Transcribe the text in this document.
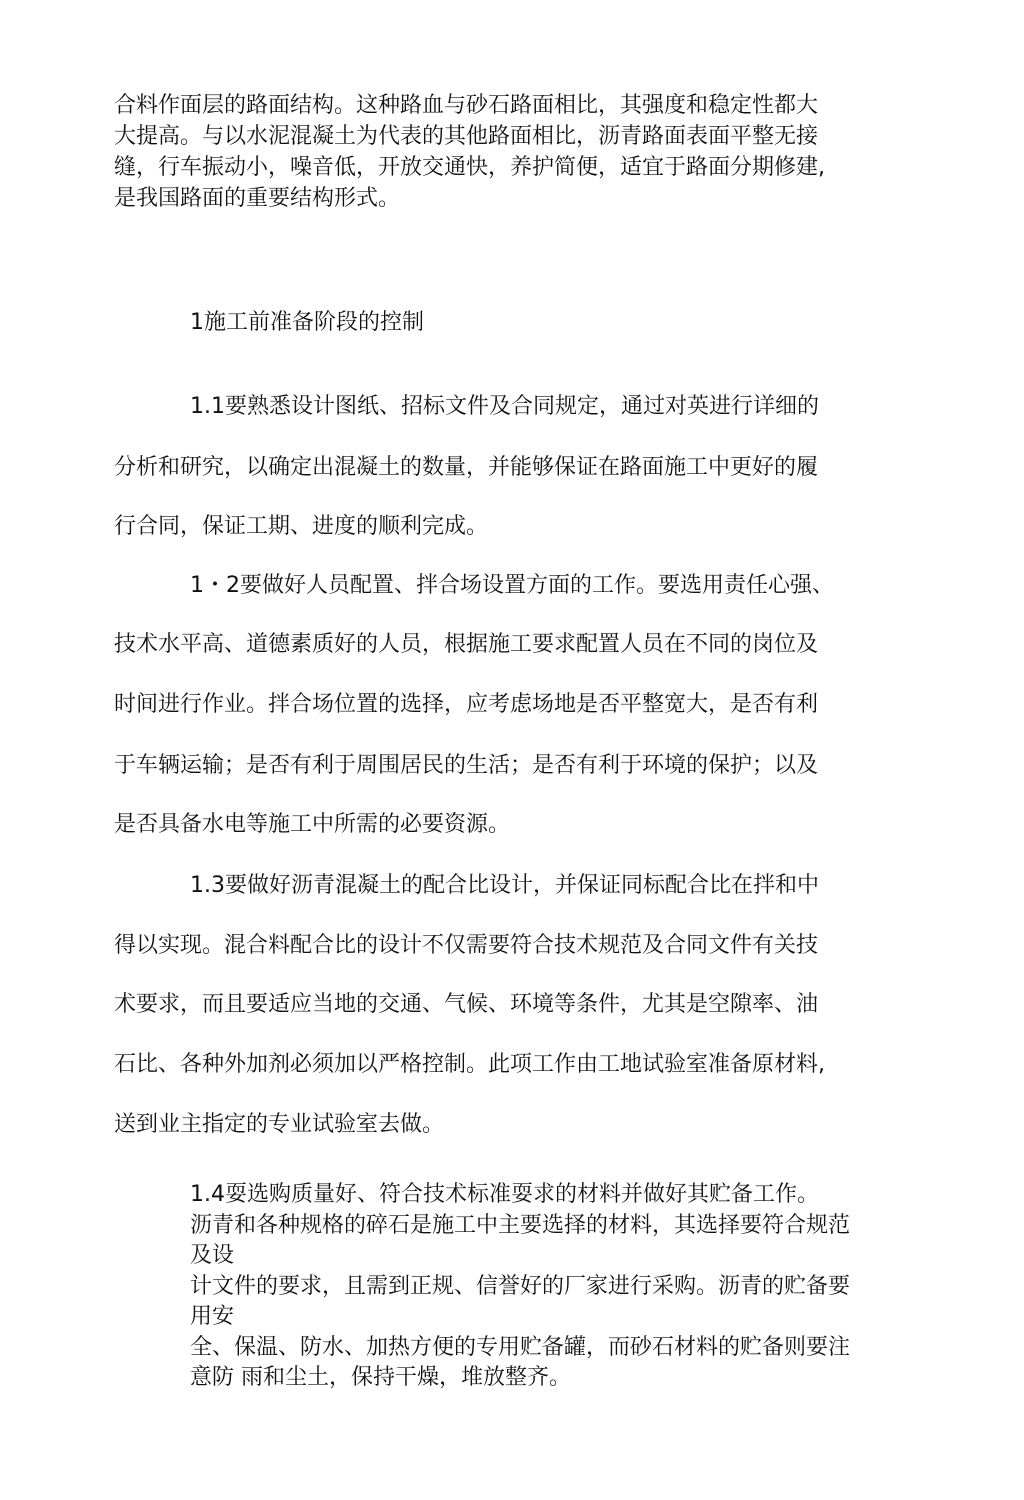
合料作面层的路面结构。这种路血与砂石路面相比，其强度和稳定性都大
大提高。与以水泥混凝土为代表的其他路面相比，沥青路面表面平整无接
缝，行车振动小，噪音低，开放交通快，养护简便，适宜于路面分期修建,
是我国路面的重要结构形式。
1施工前准备阶段的控制
1.1要熟悉设计图纸、招标文件及合同规定，通过对英进行详细的
分析和研究，以确定出混凝土的数量，并能够保证在路面施工中更好的履
行合同，保证工期、进度的顺利完成。
1・2要做好人员配置、拌合场设置方面的工作。要选用责任心强、
技术水平高、道德素质好的人员，根据施工要求配置人员在不同的岗位及
时间进行作业。拌合场位置的选择，应考虑场地是否平整宽大，是否有利
于车辆运输；是否有利于周围居民的生活；是否有利于环境的保护；以及
是否具备水电等施工中所需的必要资源。
1.3要做好沥青混凝土的配合比设计，并保证同标配合比在拌和中
得以实现。混合料配合比的设计不仅需要符合技术规范及合同文件有关技
术要求，而且要适应当地的交通、气候、环境等条件，尤其是空隙率、油
石比、各种外加剂必须加以严格控制。此项工作由工地试验室准备原材料,
送到业主指定的专业试验室去做。
1.4耍选购质量好、符合技术标准耍求的材料并做好其贮备工作。
沥青和各种规格的碎石是施工中主要选择的材料，其选择要符合规范
及设
计文件的要求，且需到正规、信誉好的厂家进行采购。沥青的贮备要
用安
全、保温、防水、加热方便的专用贮备罐，而砂石材料的贮备则要注
意防 雨和尘土，保持干燥，堆放整齐。
